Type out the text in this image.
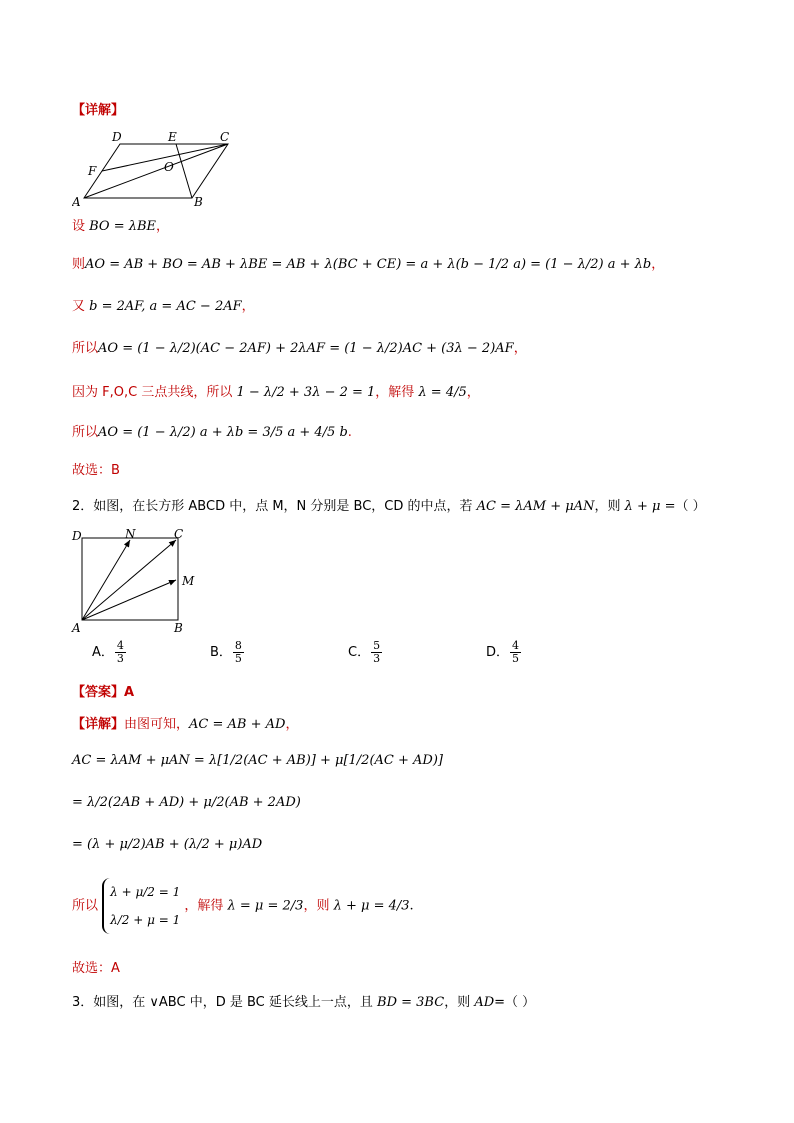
【详解】
D	E	C
F	O
A	B
设 BO = λBE，
则AO = AB + BO = AB + λBE = AB + λ(BC + CE) = a + λ(b − 1/2 a) = (1 − λ/2) a + λb，
又 b = 2AF, a = AC − 2AF，
所以AO = (1 − λ/2)(AC − 2AF) + 2λAF = (1 − λ/2)AC + (3λ − 2)AF，
因为 F,O,C 三点共线，所以 1 − λ/2 + 3λ − 2 = 1，解得 λ = 4/5，
所以AO = (1 − λ/2) a + λb = 3/5 a + 4/5 b.
故选：B
2．如图，在长方形 ABCD 中，点 M，N 分别是 BC，CD 的中点，若 AC = λAM + μAN，则 λ + μ =（ ）
D	N	C
M
A	B
A． $\frac{4}{3}$	B． $\frac{8}{5}$	C． $\frac{5}{3}$	D． $\frac{4}{5}$
【答案】A
【详解】由图可知，AC = AB + AD，
AC = λAM + μAN = λ[1/2(AC + AB)] + μ[1/2(AC + AD)]
= λ/2(2AB + AD) + μ/2(AB + 2AD)
= (λ + μ/2)AB + (λ/2 + μ)AD
所以
λ + μ/2 = 1
λ/2 + μ = 1
，解得 λ = μ = 2/3，则 λ + μ = 4/3.
故选：A
3．如图，在 ∨ABC 中，D 是 BC 延长线上一点，且 BD = 3BC，则 AD=（ ）
